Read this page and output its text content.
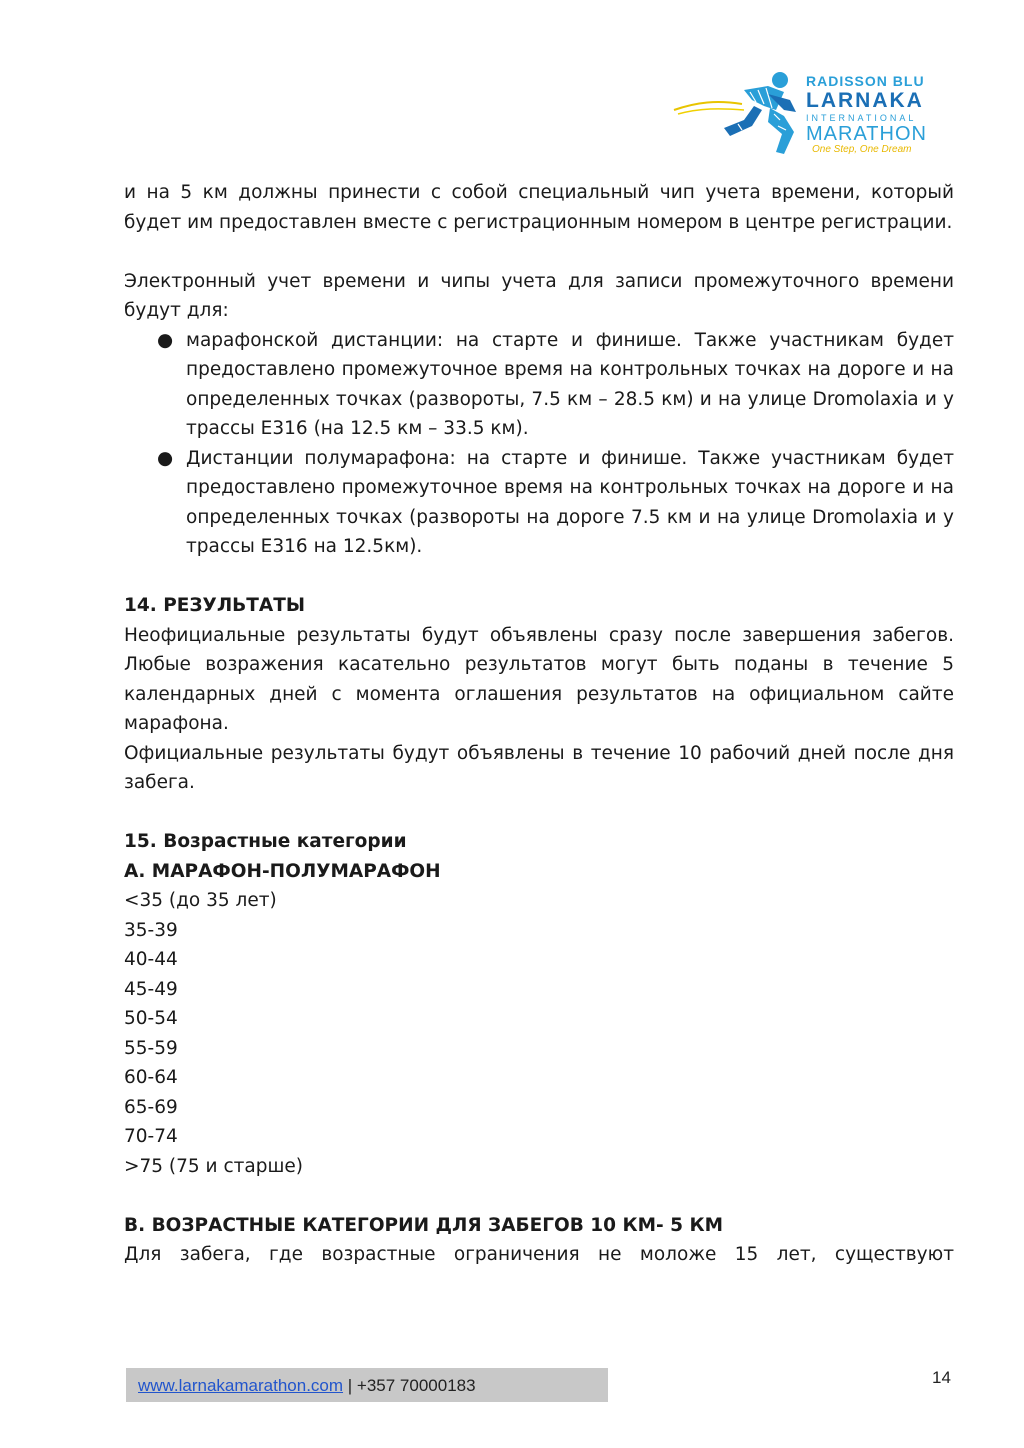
RADISSON BLU
LARNAKA
INTERNATIONAL
MARATHON
One Step, One Dream

и на 5 км должны принести с собой специальный чип учета времени, который будет им предоставлен вместе с регистрационным номером в центре регистрации.

Электронный учет времени и чипы учета для записи промежуточного времени будут для:

● марафонской дистанции: на старте и финише. Также участникам будет предоставлено промежуточное время на контрольных точках на дороге и на определенных точках (развороты, 7.5 км – 28.5 км) и на улице Dromolaxia и у трассы Е316 (на 12.5 км – 33.5 км).
● Дистанции полумарафона: на старте и финише. Также участникам будет предоставлено промежуточное время на контрольных точках на дороге и на определенных точках (развороты на дороге 7.5 км и на улице Dromolaxia и у трассы Е316 на 12.5км).

14. РЕЗУЛЬТАТЫ

Неофициальные результаты будут объявлены сразу после завершения забегов. Любые возражения касательно результатов могут быть поданы в течение 5 календарных дней с момента оглашения результатов на официальном сайте марафона.

Официальные результаты будут объявлены в течение 10 рабочий дней после дня забега.

15. Возрастные категории

А. МАРАФОН-ПОЛУМАРАФОН

<35 (до 35 лет)

35-39

40-44

45-49

50-54

55-59

60-64

65-69

70-74

>75 (75 и старше)

В. ВОЗРАСТНЫЕ КАТЕГОРИИ ДЛЯ ЗАБЕГОВ 10 КМ- 5 КМ

Для забега, где возрастные ограничения не моложе 15 лет, существуют

www.larnakamarathon.com | +357 70000183	14
